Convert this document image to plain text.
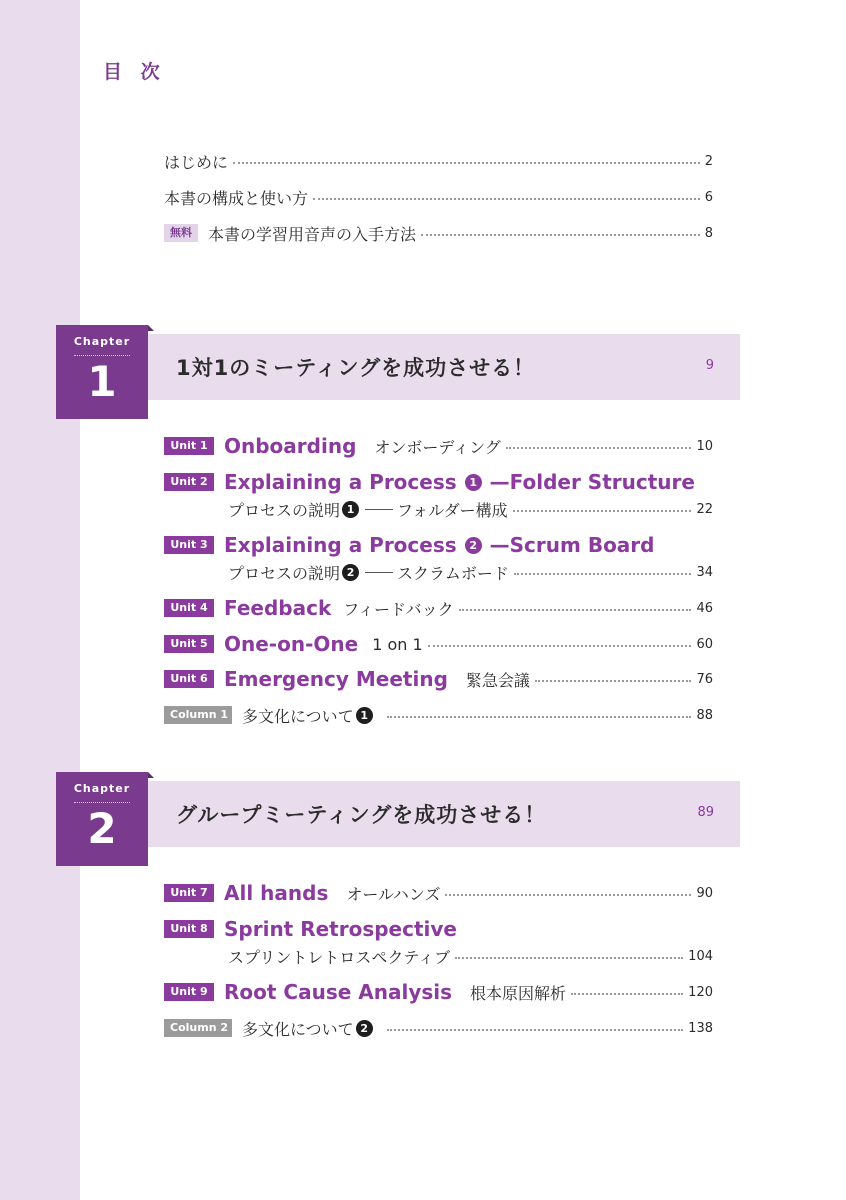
目 次
はじめに	2
本書の構成と使い方	6
無料	本書の学習用音声の入手方法	8
1対1のミーティングを成功させる！	9
Chapter
1
Unit 1 Onboarding オンボーディング	10
Unit 2 Explaining a Process	1 —Folder Structure
プロセスの説明 1	フォルダー構成	22
Unit 3 Explaining a Process	2 —Scrum Board
プロセスの説明 2	スクラムボード	34
Unit 4 Feedback フィードバック	46
Unit 5 One-on-One 1 on 1	60
Unit 6 Emergency Meeting 緊急会議	76
Column 1 多文化について 1	88
グループミーティングを成功させる！	89
Chapter
2
Unit 7 All hands オールハンズ	90
Unit 8 Sprint Retrospective
スプリントレトロスペクティブ	104
Unit 9 Root Cause Analysis 根本原因解析	120
Column 2 多文化について 2	138
